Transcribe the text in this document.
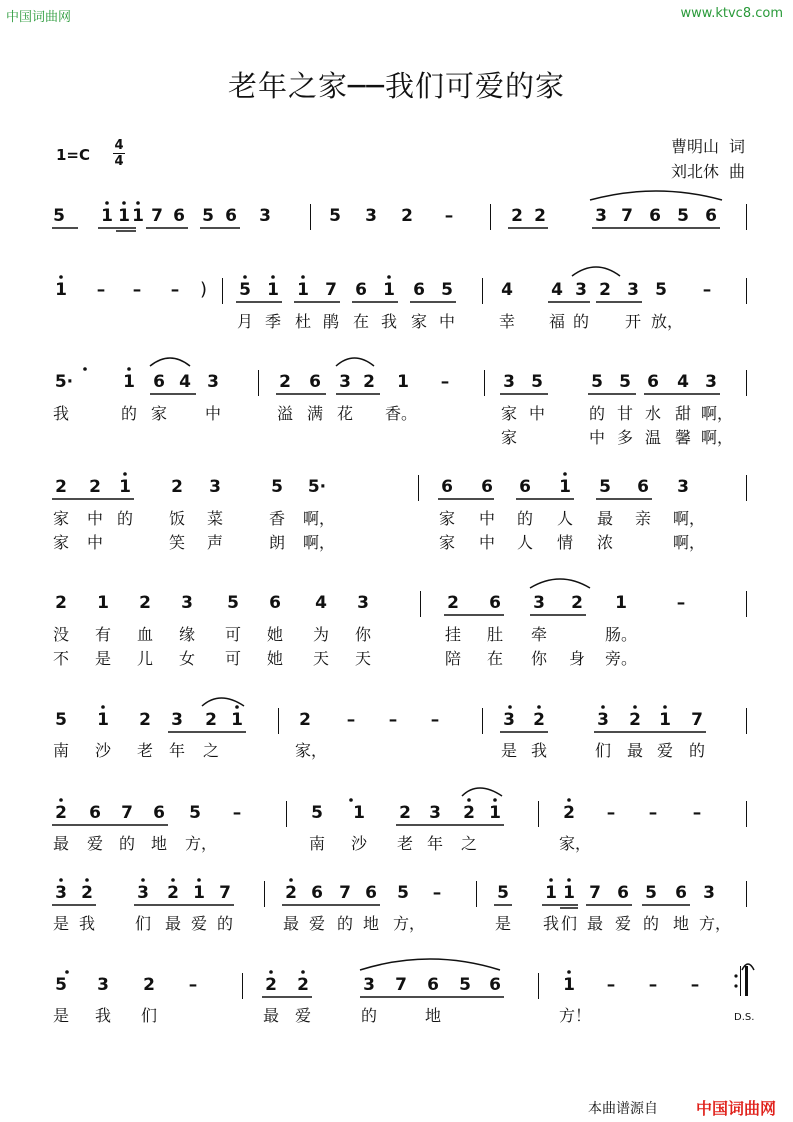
中国词曲网	www.ktvc8.com
老年之家──我们可爱的家
1=C
4
4
曹明山 词
刘北休 曲
5 1 1 1 7 6 5 6 3	5 3 2 –	2 2	3 7 6 5 6
1 – – – ) 5 1 1 7 6 1 6 5	4 4 3 2 3 5 –
月 季 杜 鹃 在 我 家 中	幸 福 的 开 放，
5·	1 6 4 3	2 6 3 2 1 –	3 5	5 5 6 4 3
我	的 家 中	溢 满 花 香。	家 中	的 甘 水 甜 啊，
家	中 多 温 馨 啊，
2 2 1 2 3	5 5·	6 6 6 1 5 6 3
家 中 的 饭 菜	香 啊，	家 中 的 人 最 亲 啊，
家 中	笑 声	朗 啊，	家 中 人 情 浓	啊，
2 1 2 3 5 6 4 3	2 6 3 2 1	–
没 有 血 缘 可 她 为 你	挂 肚 牵	肠。
不 是 儿 女 可 她 天 天	陪 在 你 身 旁。
5 1 2 3 2 1	2 – – –	3 2	3 2 1 7
南 沙 老 年 之	家，	是 我	们 最 爱 的
2 6 7 6 5 –	5 1 2 3 2 1	2 – – –
最 爱 的 地 方，	南 沙 老 年 之	家，
3 2	3 2 1 7	2 6 7 6 5 –	5 1 1 7 6 5 6 3
是 我 们 最 爱 的	最 爱 的 地 方，	是 我 们 最 爱 的 地 方，
5 3 2 –	2 2	3 7 6 5 6	1 – – –
是 我 们	最 爱	的	地	方！	D.S.
本曲谱源自 中国词曲网
